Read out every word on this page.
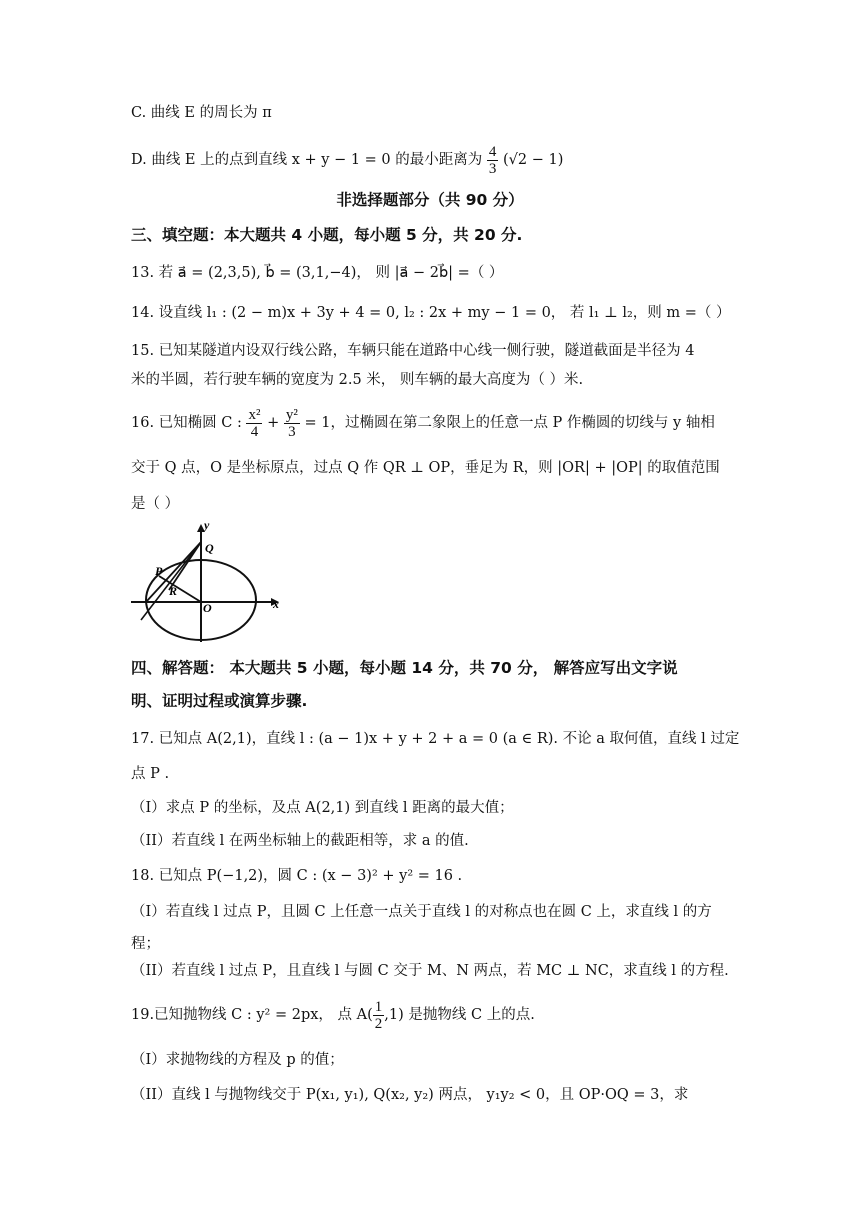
C. 曲线 E 的周长为 π
D. 曲线 E 上的点到直线 x + y − 1 = 0 的最小距离为 $\frac{4}{3} (√2 - 1)$
非选择题部分（共 90 分）
三、填空题：本大题共 4 小题，每小题 5 分，共 20 分.
13. 若 a⃗ = (2,3,5), b⃗ = (3,1,−4)， 则 |a⃗ − 2b⃗| =（ ）
14. 设直线 l₁ : (2 − m)x + 3y + 4 = 0, l₂ : 2x + my − 1 = 0， 若 l₁ ⊥ l₂，则 m =（ ）
15. 已知某隧道内设双行线公路，车辆只能在道路中心线一侧行驶，隧道截面是半径为 4
米的半圆，若行驶车辆的宽度为 2.5 米， 则车辆的最大高度为（ ）米.
16. 已知椭圆 C : $\frac{\text{x²}}{4} + \frac{\text{y²}}{3} = 1$，过椭圆在第二象限上的任意一点 P 作椭圆的切线与 y 轴相
交于 Q 点，O 是坐标原点，过点 Q 作 QR ⊥ OP，垂足为 R，则 |OR| + |OP| 的取值范围
是（ ）
y
Q
P
R
O	x
四、解答题： 本大题共 5 小题，每小题 14 分，共 70 分， 解答应写出文字说
明、证明过程或演算步骤.
17. 已知点 A(2,1)，直线 l : (a − 1)x + y + 2 + a = 0 (a ∈ R). 不论 a 取何值，直线 l 过定
点 P .
（I）求点 P 的坐标，及点 A(2,1) 到直线 l 距离的最大值；
（II）若直线 l 在两坐标轴上的截距相等，求 a 的值.
18. 已知点 P(−1,2)，圆 C : (x − 3)² + y² = 16 .
（I）若直线 l 过点 P，且圆 C 上任意一点关于直线 l 的对称点也在圆 C 上，求直线 l 的方
程；
（II）若直线 l 过点 P，且直线 l 与圆 C 交于 M、N 两点，若 MC ⊥ NC，求直线 l 的方程.
19.已知抛物线 C : y² = 2px， 点 $A( \frac{1}{2} ,1)$ 是抛物线 C 上的点.
（I）求抛物线的方程及 p 的值；
（II）直线 l 与抛物线交于 P(x₁, y₁), Q(x₂, y₂) 两点， y₁y₂ < 0，且 OP·OQ = 3，求
